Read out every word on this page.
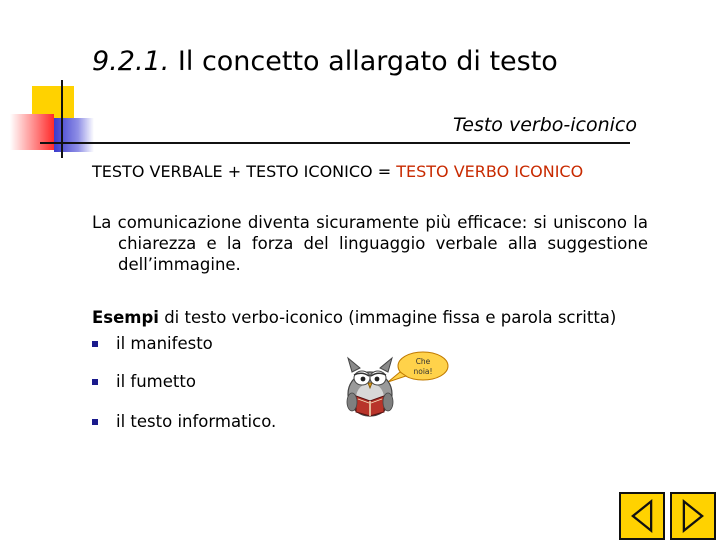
9.2.1. Il concetto allargato di testo
Testo verbo-iconico
TESTO VERBALE + TESTO ICONICO = TESTO VERBO ICONICO
La comunicazione diventa sicuramente più efficace: si uniscono la
chiarezza e la forza del linguaggio verbale alla suggestione
dell’immagine.
Esempi di testo verbo-iconico (immagine fissa e parola scritta)
il manifesto
il fumetto
il testo informatico.
Che
noia!
